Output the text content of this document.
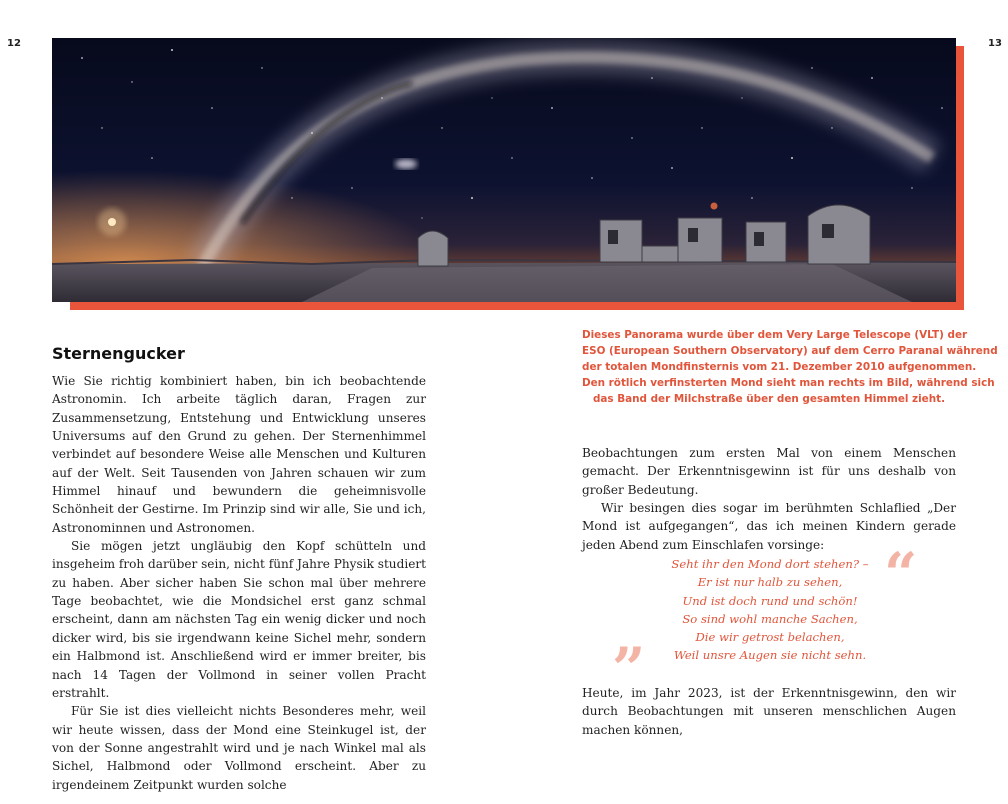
12	13
Dieses Panorama wurde über dem Very Large Telescope (VLT) der
ESO (European Southern Observatory) auf dem Cerro Paranal während
der totalen Mondfinsternis vom 21. Dezember 2010 aufgenommen.
Den rötlich verfinsterten Mond sieht man rechts im Bild, während sich
das Band der Milchstraße über den gesamten Himmel zieht.
Sternengucker

Wie Sie richtig kombiniert haben, bin ich beobachtende Astronomin. Ich arbeite täglich daran, Fragen zur Zusammensetzung, Entstehung und Entwicklung unseres Universums auf den Grund zu gehen. Der Sternenhimmel verbindet auf besondere Weise alle Menschen und Kulturen auf der Welt. Seit Tausenden von Jahren schauen wir zum Himmel hinauf und bewundern die geheimnisvolle Schönheit der Gestirne. Im Prinzip sind wir alle, Sie und ich, Astronominnen und Astronomen.

Sie mögen jetzt ungläubig den Kopf schütteln und insgeheim froh darüber sein, nicht fünf Jahre Physik studiert zu haben. Aber sicher haben Sie schon mal über mehrere Tage beobachtet, wie die Mondsichel erst ganz schmal erscheint, dann am nächsten Tag ein wenig dicker und noch dicker wird, bis sie irgendwann keine Sichel mehr, sondern ein Halbmond ist. Anschließend wird er immer breiter, bis nach 14 Tagen der Vollmond in seiner vollen Pracht erstrahlt.

Für Sie ist dies vielleicht nichts Besonderes mehr, weil wir heute wissen, dass der Mond eine Steinkugel ist, der von der Sonne angestrahlt wird und je nach Winkel mal als Sichel, Halbmond oder Vollmond erscheint. Aber zu irgendeinem Zeitpunkt wurden solche

Beobachtungen zum ersten Mal von einem Menschen gemacht. Der Erkenntnisgewinn ist für uns deshalb von großer Bedeutung.

Wir besingen dies sogar im berühmten Schlaflied „Der Mond ist aufgegangen“, das ich meinen Kindern gerade jeden Abend zum Einschlafen vorsinge:	“
Seht ihr den Mond dort stehen? –
Er ist nur halb zu sehen,
Und ist doch rund und schön!
So sind wohl manche Sachen,
Die wir getrost belachen,
Weil unsre Augen sie nicht sehn.
”

Heute, im Jahr 2023, ist der Erkenntnisgewinn, den wir durch Beobachtungen mit unseren menschlichen Augen machen können,
